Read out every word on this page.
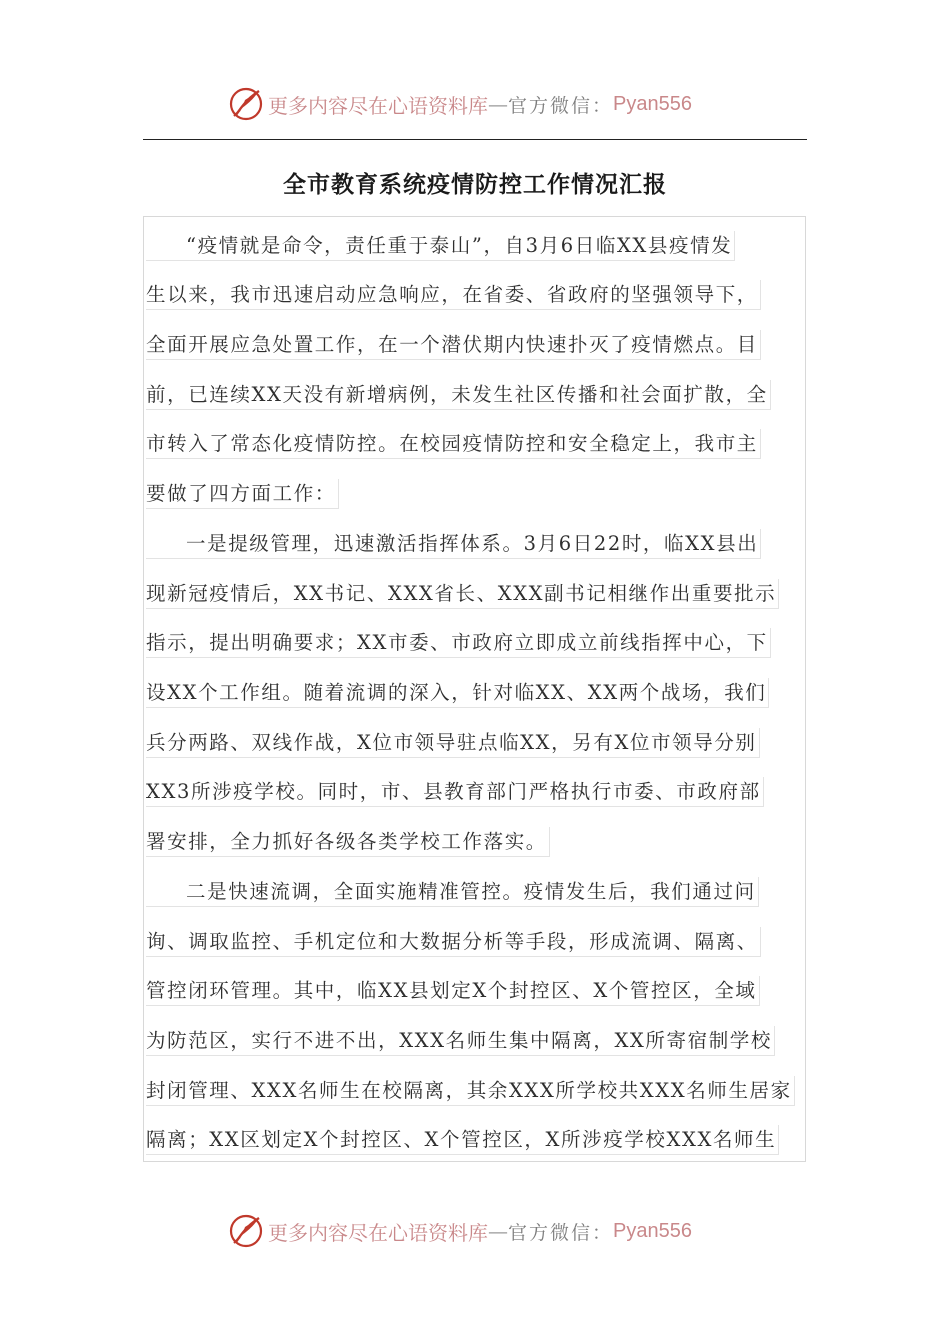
更多内容尽在心语资料库 — 官方微信： Pyan556
全市教育系统疫情防控工作情况汇报
“疫情就是命令，责任重于泰山”，自3月6日临XX县疫情发
生以来，我市迅速启动应急响应，在省委、省政府的坚强领导下，
全面开展应急处置工作，在一个潜伏期内快速扑灭了疫情燃点。目
前，已连续XX天没有新增病例，未发生社区传播和社会面扩散，全
市转入了常态化疫情防控。在校园疫情防控和安全稳定上，我市主
要做了四方面工作：
一是提级管理，迅速激活指挥体系。3月6日22时，临XX县出
现新冠疫情后，XX书记、XXX省长、XXX副书记相继作出重要批示
指示，提出明确要求；XX市委、市政府立即成立前线指挥中心，下
设XX个工作组。随着流调的深入，针对临XX、XX两个战场，我们
兵分两路、双线作战，X位市领导驻点临XX，另有X位市领导分别
XX3所涉疫学校。同时，市、县教育部门严格执行市委、市政府部
署安排，全力抓好各级各类学校工作落实。
二是快速流调，全面实施精准管控。疫情发生后，我们通过问
询、调取监控、手机定位和大数据分析等手段，形成流调、隔离、
管控闭环管理。其中，临XX县划定X个封控区、X个管控区，全域
为防范区，实行不进不出，XXX名师生集中隔离，XX所寄宿制学校
封闭管理、XXX名师生在校隔离，其余XXX所学校共XXX名师生居家
隔离；XX区划定X个封控区、X个管控区，X所涉疫学校XXX名师生
更多内容尽在心语资料库 — 官方微信： Pyan556
